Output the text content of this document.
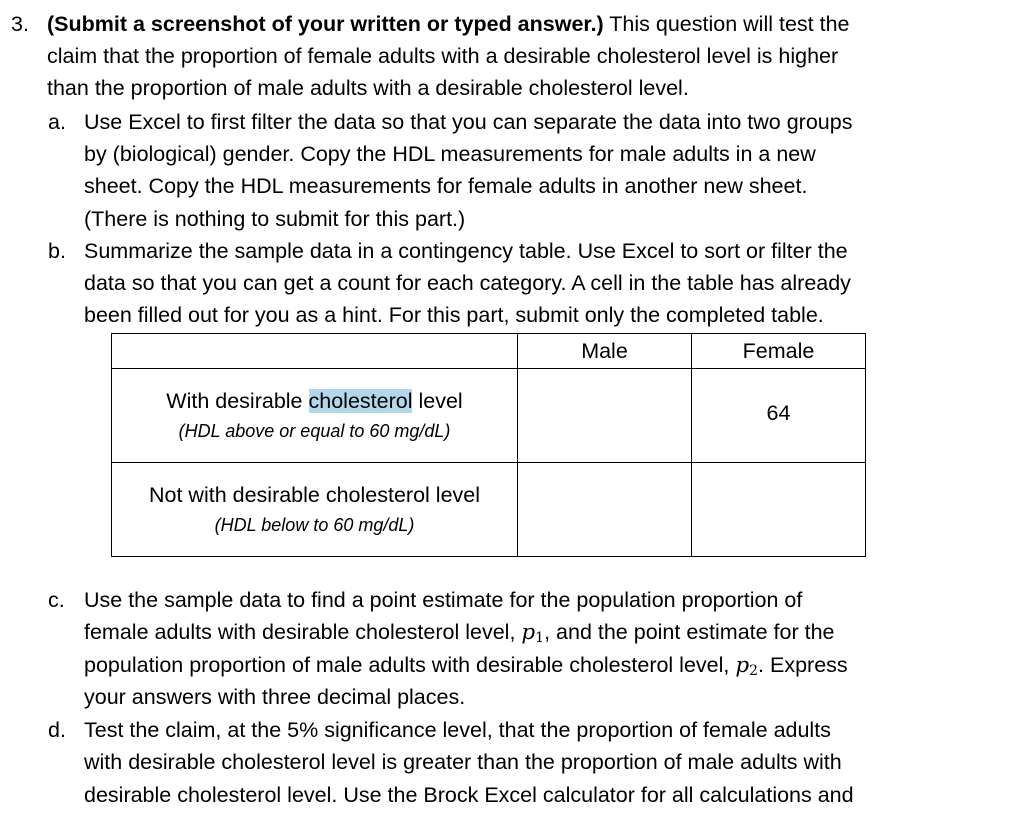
3. (Submit a screenshot of your written or typed answer.) This question will test the
claim that the proportion of female adults with a desirable cholesterol level is higher
than the proportion of male adults with a desirable cholesterol level.
a. Use Excel to first filter the data so that you can separate the data into two groups
by (biological) gender. Copy the HDL measurements for male adults in a new
sheet. Copy the HDL measurements for female adults in another new sheet.
(There is nothing to submit for this part.)
b. Summarize the sample data in a contingency table. Use Excel to sort or filter the
data so that you can get a count for each category. A cell in the table has already
been filled out for you as a hint. For this part, submit only the completed table.
	Male	Female

With desirable cholesterol level
(HDL above or equal to 60 mg/dL)		64

Not with desirable cholesterol level
(HDL below to 60 mg/dL)		

c. Use the sample data to find a point estimate for the population proportion of
female adults with desirable cholesterol level, $p_1$, and the point estimate for the
population proportion of male adults with desirable cholesterol level, $p_2$. Express
your answers with three decimal places.
d. Test the claim, at the 5% significance level, that the proportion of female adults
with desirable cholesterol level is greater than the proportion of male adults with
desirable cholesterol level. Use the Brock Excel calculator for all calculations and
